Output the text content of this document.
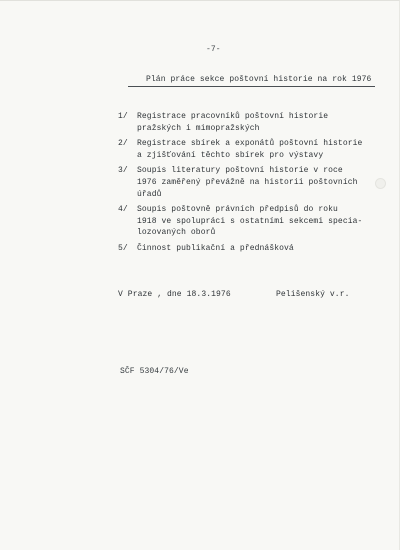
-7-
Plán práce sekce poštovní historie na rok 1976
1/ Registrace pracovníků poštovní historie
pražských i mimopražských
2/ Registrace sbírek a exponátů poštovní historie
a zjišťování těchto sbírek pro výstavy
3/ Soupis literatury poštovní historie v roce
1976 zaměřený převážně na historii poštovních
úřadů
4/ Soupis poštovně právních předpisů do roku
1918 ve spolupráci s ostatními sekcemi specia-
lozovaných oborů
5/ Činnost publikační a přednášková
V Praze , dne 18.3.1976	Pelišenský v.r.
SČF 5304/76/Ve
